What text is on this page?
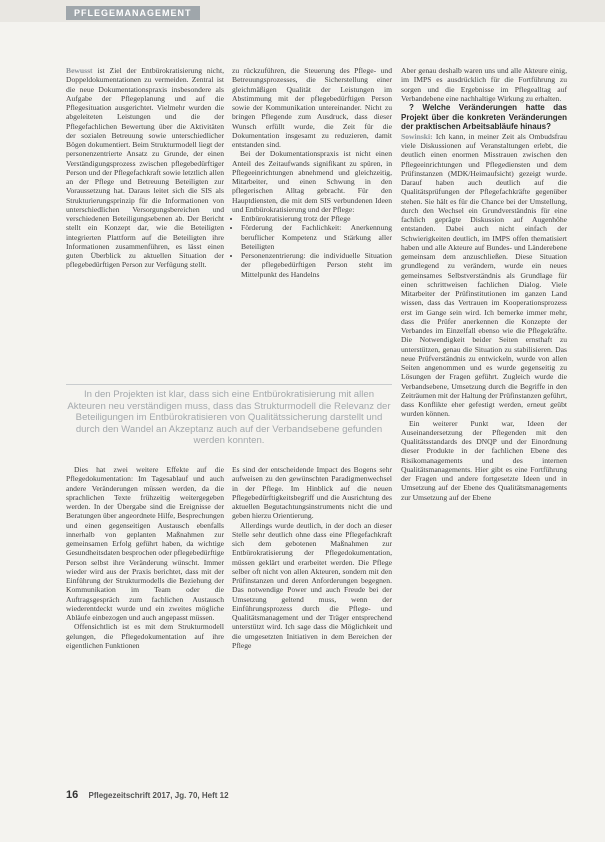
PFLEGEMANAGEMENT

Bewusst ist Ziel der Entbürokratisierung nicht, Doppeldokumentationen zu vermeiden. Zentral ist die neue Dokumentationspraxis insbesondere als Aufgabe der Pflegeplanung und auf die Pflegesituation ausgerichtet. Vielmehr wurden die abgeleiteten Leistungen und die der Pflegefachlichen Bewertung über die Aktivitäten der sozialen Betreuung sowie unterschiedlicher Bögen dokumentiert. Beim Strukturmodell liegt der personenzentrierte Ansatz zu Grunde, der einen Verständigungsprozess zwischen pflegebedürftiger Person und der Pflegefachkraft sowie letztlich allen an der Pflege und Betreuung Beteiligten zur Voraussetzung hat. Daraus leitet sich die SIS als Strukturierungsprinzip für die Informationen von unterschiedlichen Versorgungsbereichen und verschiedenen Beteiligungsebenen ab. Der Bericht stellt ein Konzept dar, wie die Beteiligten integrierten Plattform auf die Beteiligten ihre Informationen zusammenführen, es lässt einen guten Überblick zu aktuellen Situation der pflegebedürftigen Person zur Verfügung stellt.

zu rückzuführen, die Steuerung des Pflege- und Betreuungsprozesses, die Sicherstellung einer gleichmäßigen Qualität der Leistungen im Abstimmung mit der pflegebedürftigen Person sowie der Kommunikation untereinander. Nicht zu bringen Pflegende zum Ausdruck, dass dieser Wunsch erfüllt wurde, die Zeit für die Dokumentation insgesamt zu reduzieren, damit entstanden sind.

Bei der Dokumentationspraxis ist nicht einen Anteil des Zeitaufwands signifikant zu spüren, in Pflegeeinrichtungen abnehmend und gleichzeitig, Mitarbeiter, und einen Schwung in den pflegerischen Alltag gebracht. Für den Hauptdiensten, die mit dem SIS verbundenen Ideen und Entbürokratisierung und der Pflege:

• Entbürokratisierung trotz der Pflege
• Förderung der Fachlichkeit: Anerkennung beruflicher Kompetenz und Stärkung aller Beteiligten
• Personenzentrierung: die individuelle Situation der pflegebedürftigen Person steht im Mittelpunkt des Handelns
In den Projekten ist klar, dass sich eine Entbürokratisierung mit allen Akteuren neu verständigen muss, dass das Strukturmodell die Relevanz der Beteiligungen im Entbürokratisieren von Qualitätssicherung darstellt und durch den Wandel an Akzeptanz auch auf der Verbandsebene gefunden werden konnten.

Dies hat zwei weitere Effekte auf die Pflegedokumentation: Im Tagesablauf und auch andere Veränderungen müssen werden, da die sprachlichen Texte frühzeitig weitergegeben werden. In der Übergabe sind die Ereignisse der Beratungen über angeordnete Hilfe, Besprechungen und einen gegenseitigen Austausch ebenfalls innerhalb von geplanten Maßnahmen zur gemeinsamen Erfolg geführt haben, da wichtige Gesundheitsdaten besprochen oder pflegebedürftige Person selbst ihre Veränderung wünscht. Immer wieder wird aus der Praxis berichtet, dass mit der Einführung der Strukturmodells die Beziehung der Kommunikation im Team oder die Auftragsgespräch zum fachlichen Austausch wiederentdeckt wurde und ein zweites mögliche Abläufe einbezogen und auch angepasst müssen.

Offensichtlich ist es mit dem Strukturmodell gelungen, die Pflegedokumentation auf ihre eigentlichen Funktionen

Es sind der entscheidende Impact des Bogens sehr aufweisen zu den gewünschten Paradigmenwechsel in der Pflege. Im Hinblick auf die neuen Pflegebedürftigkeitsbegriff und die Ausrichtung des aktuellen Begutachtungsinstruments nicht die und geben hierzu Orientierung.

Allerdings wurde deutlich, in der doch an dieser Stelle sehr deutlich ohne dass eine Pflegefachkraft sich dem gebotenen Maßnahmen zur Entbürokratisierung der Pflegedokumentation, müssen geklärt und erarbeitet werden. Die Pflege selber oft nicht von allen Akteuren, sondern mit den Prüfinstanzen und deren Anforderungen begegnen. Das notwendige Power und auch Freude bei der Umsetzung geltend muss, wenn der Einführungsprozess durch die Pflege- und Qualitätsmanagement und der Träger entsprechend unterstützt wird. Ich sage dass die Möglichkeit und die umgesetzten Initiativen in dem Bereichen der Pflege

Aber genau deshalb waren uns und alle Akteure einig, im IMPS es ausdrücklich für die Fortführung zu sorgen und die Ergebnisse im Pflegealltag auf Verbandebene eine nachhaltige Wirkung zu erhalten.

? Welche Veränderungen hatte das Projekt über die konkreten Veränderungen der praktischen Arbeitsabläufe hinaus?

Sowinski: Ich kann, in meiner Zeit als Ombudsfrau viele Diskussionen auf Veranstaltungen erlebt, die deutlich einen enormen Misstrauen zwischen den Pflegeeinrichtungen und Pflegediensten und dem Prüfinstanzen (MDK/Heimaufsicht) gezeigt wurde. Darauf haben auch deutlich auf die Qualitätsprüfungen der Pflegefachkräfte gegenüber stehen. Sie hält es für die Chance bei der Umstellung, durch den Wechsel ein Grundverständnis für eine fachlich geprägte Diskussion auf Augenhöhe entstanden. Dabei auch nicht einfach der Schwierigkeiten deutlich, im IMPS offen thematisiert haben und alle Akteure auf Bundes- und Länderebene gemeinsam dem anzuschließen. Diese Situation grundlegend zu verändern, wurde ein neues gemeinsames Selbstverständnis als Grundlage für einen schrittweisen fachlichen Dialog. Viele Mitarbeiter der Prüfinstitutionen im ganzen Land wissen, dass das Vertrauen im Kooperationsprozess erst im Gange sein wird. Ich bemerke immer mehr, dass die Prüfer anerkennen die Konzepte der Verbandes im Einzelfall ebenso wie die Pflegekräfte. Die Notwendigkeit beider Seiten ernsthaft zu unterstützen, genau die Situation zu stabilisieren. Das neue Prüfverständnis zu entwickeln, wurde von allen Seiten angenommen und es wurde gegenseitig zu Lösungen der Fragen geführt. Zugleich wurde die Verbandsebene, Umsetzung durch die Begriffe in den Zeiträumen mit der Haltung der Prüfinstanzen geführt, dass Konflikte eher gefestigt werden, erneut geübt wurden können.

Ein weiterer Punkt war, Ideen der Auseinandersetzung der Pflegenden mit den Qualitätsstandards des DNQP und der Einordnung dieser Produkte in der fachlichen Ebene des Risikomanagements und des internen Qualitätsmanagements. Hier gibt es eine Fortführung der Fragen und andere fortgesetzte Ideen und in Umsetzung auf der Ebene des Qualitätsmanagements zur Umsetzung auf der Ebene

16 Pflegezeitschrift 2017, Jg. 70, Heft 12
